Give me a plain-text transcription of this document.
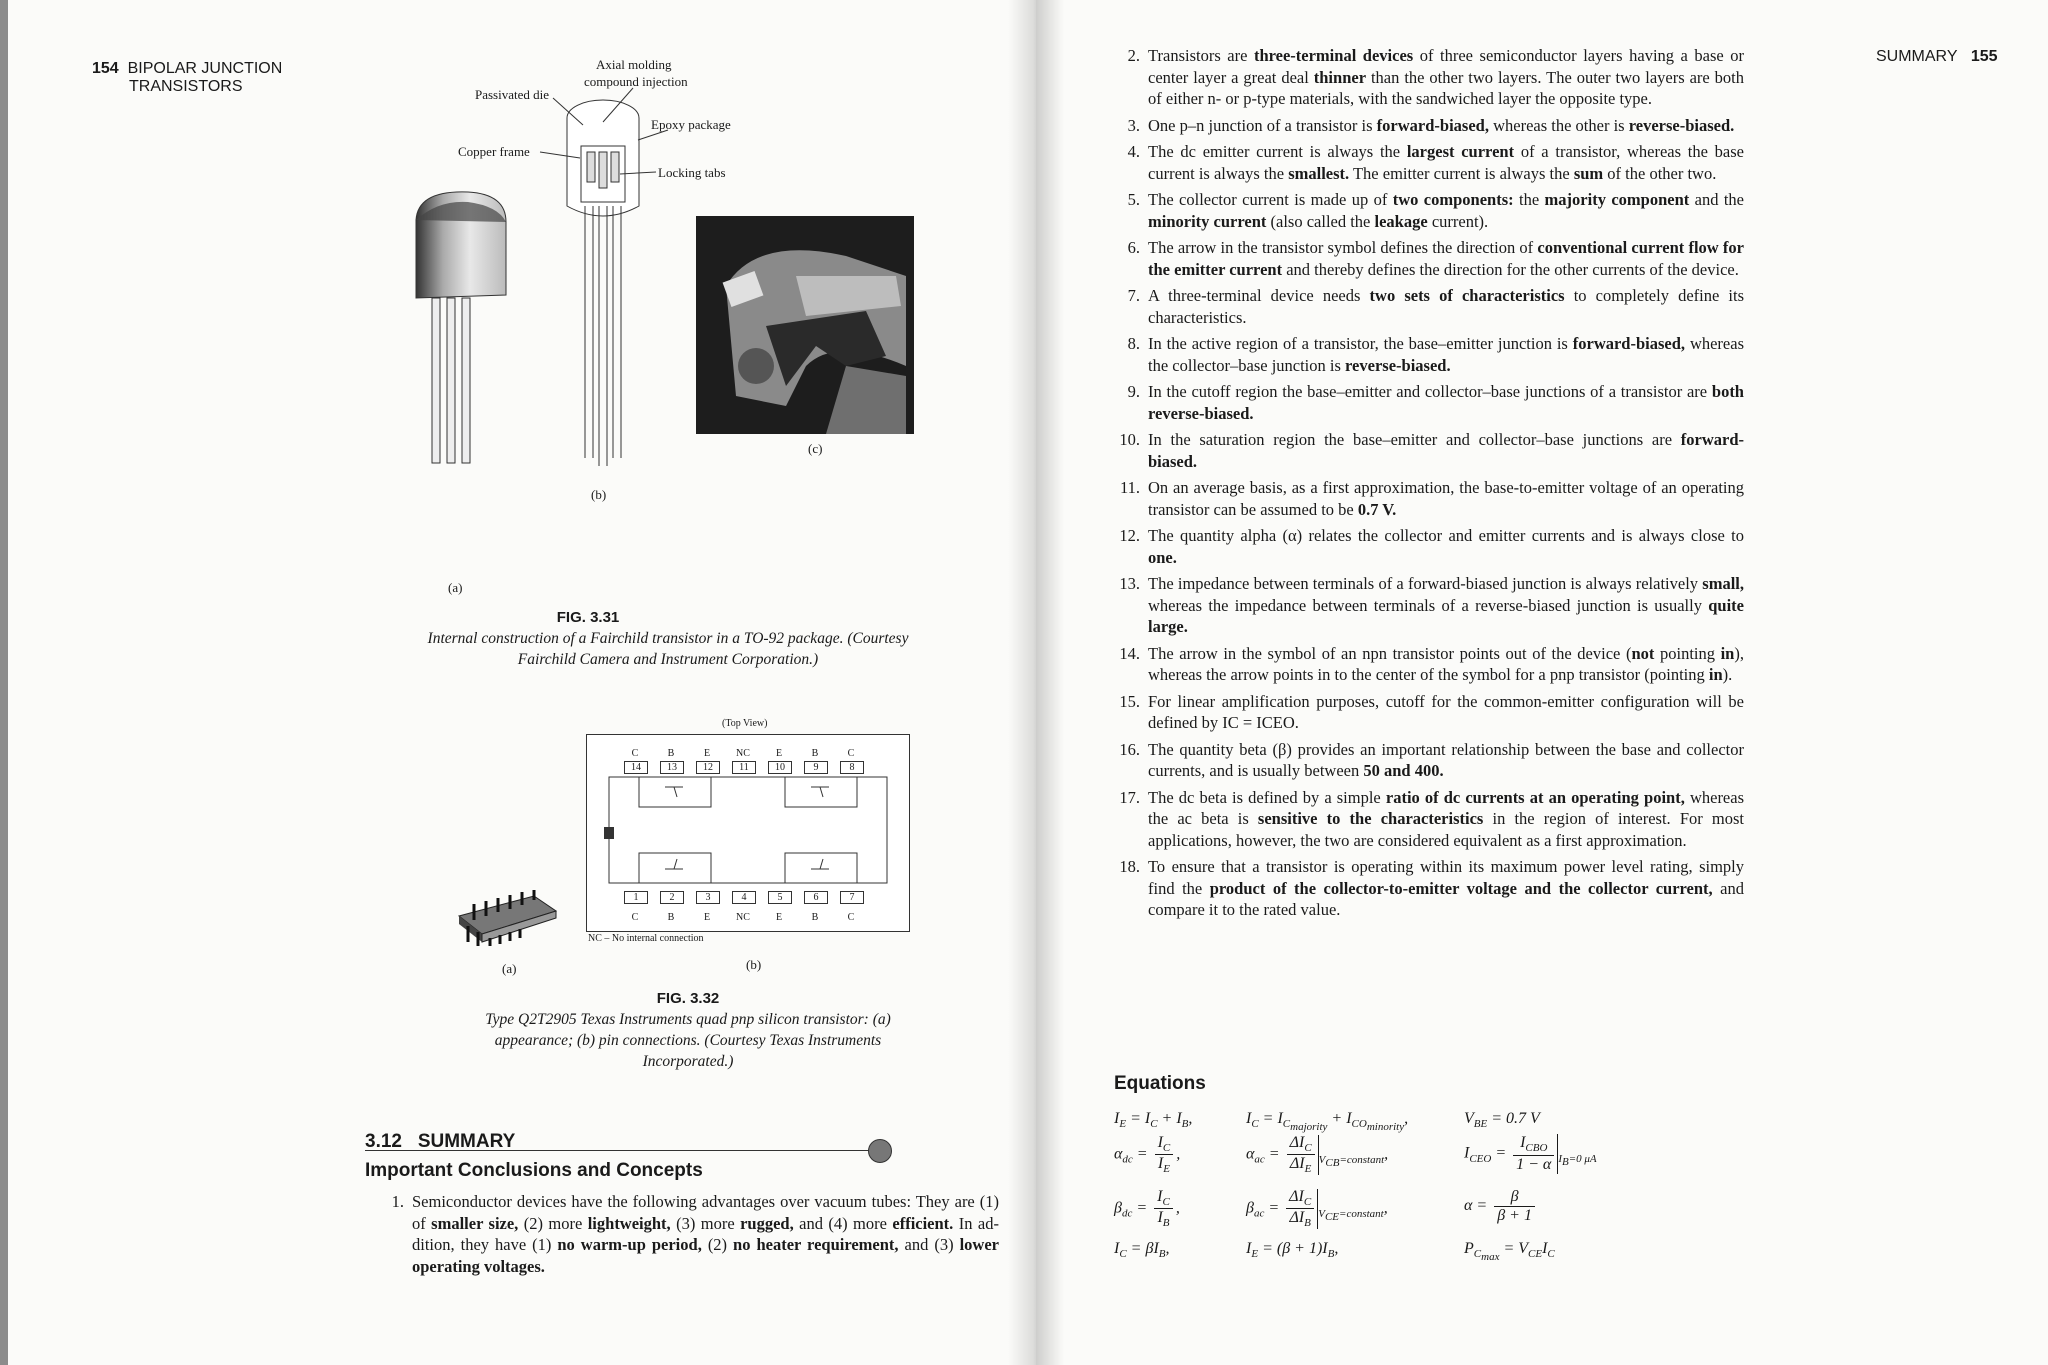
154 BIPOLAR JUNCTION
TRANSISTORS
Axial molding
compound injection
Passivated die
Epoxy package
Copper frame
Locking tabs
(c)
(b)
(a)
FIG. 3.31
Internal construction of a Fairchild transistor in a TO-92 package. (Courtesy
Fairchild Camera and Instrument Corporation.)
(a)
(Top View)
C	B	E	NC	E	B	C
14	13	12	11	10	9	8
1	2	3	4	5	6	7
C	B	E	NC	E	B	C
NC – No internal connection
(b)
FIG. 3.32
Type Q2T2905 Texas Instruments quad pnp silicon transistor: (a)
appearance; (b) pin connections. (Courtesy Texas Instruments
Incorporated.)
3.12 SUMMARY
Important Conclusions and Concepts
1. Semiconductor devices have the following advantages over vacuum tubes: They are (1) of smaller size, (2) more lightweight, (3) more rugged, and (4) more efficient. In ad- dition, they have (1) no warm-up period, (2) no heater requirement, and (3) lower operating voltages.
SUMMARY 155
2. Transistors are three-terminal devices of three semiconductor layers having a base or center layer a great deal thinner than the other two layers. The outer two layers are both of either n- or p-type materials, with the sandwiched layer the opposite type.
3. One p–n junction of a transistor is forward-biased, whereas the other is reverse-biased.
4. The dc emitter current is always the largest current of a transistor, whereas the base current is always the smallest. The emitter current is always the sum of the other two.
5. The collector current is made up of two components: the majority component and the minority current (also called the leakage current).
6. The arrow in the transistor symbol defines the direction of conventional current flow for the emitter current and thereby defines the direction for the other currents of the device.
7. A three-terminal device needs two sets of characteristics to completely define its characteristics.
8. In the active region of a transistor, the base–emitter junction is forward-biased, whereas the collector–base junction is reverse-biased.
9. In the cutoff region the base–emitter and collector–base junctions of a transistor are both reverse-biased.
10. In the saturation region the base–emitter and collector–base junctions are forward-biased.
11. On an average basis, as a first approximation, the base-to-emitter voltage of an operating transistor can be assumed to be 0.7 V.
12. The quantity alpha (α) relates the collector and emitter currents and is always close to one.
13. The impedance between terminals of a forward-biased junction is always relatively small, whereas the impedance between terminals of a reverse-biased junction is usually quite large.
14. The arrow in the symbol of an npn transistor points out of the device (not pointing in), whereas the arrow points in to the center of the symbol for a pnp transistor (pointing in).
15. For linear amplification purposes, cutoff for the common-emitter configuration will be defined by IC = ICEO.
16. The quantity beta (β) provides an important relationship between the base and collector currents, and is usually between 50 and 400.
17. The dc beta is defined by a simple ratio of dc currents at an operating point, whereas the ac beta is sensitive to the characteristics in the region of interest. For most applications, however, the two are considered equivalent as a first approximation.
18. To ensure that a transistor is operating within its maximum power level rating, simply find the product of the collector-to-emitter voltage and the collector current, and compare it to the rated value.
Equations
$I_E = I_C + I_B$,	$I_C = I_{C_{majority}} + I_{CO_{minority}}$,	$V_{BE} = 0.7$ V
$\alpha_{dc} = \frac{I_C}{I_E}$ ,	$\alpha_{ac} = \frac{\Delta I_C}{\Delta I_E} _{V_{CB}=constant}$,	$I_{CEO} = \frac{I_{CBO}}{1 - \alpha} _{I_B=0 \mu A}$
$\beta_{dc} = \frac{I_C}{I_B}$ ,	$\beta_{ac} = \frac{\Delta I_C}{\Delta I_B} _{V_{CE}=constant}$,	$\alpha = \frac{\beta}{\beta + 1}$
$I_C = \beta I_B$,	$I_E = (\beta + 1)I_B$,	$P_{C_{max}} = V_{CE}I_C$
